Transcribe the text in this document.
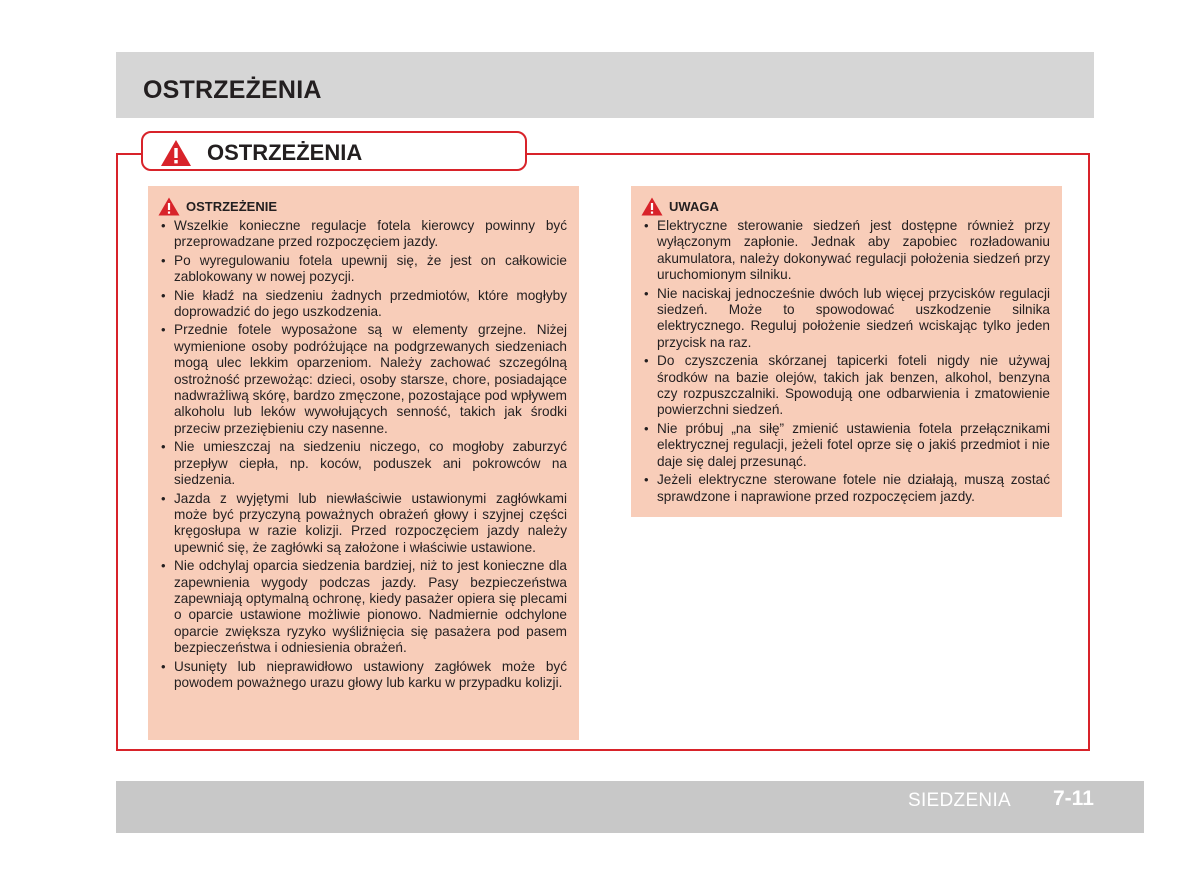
OSTRZEŻENIA
OSTRZEŻENIA
OSTRZEŻENIE
• Wszelkie konieczne regulacje fotela kierowcy powinny być przeprowadzane przed rozpoczęciem jazdy.
• Po wyregulowaniu fotela upewnij się, że jest on całkowicie zablokowany w nowej pozycji.
• Nie kładź na siedzeniu żadnych przedmiotów, które mogłyby doprowadzić do jego uszkodzenia.
• Przednie fotele wyposażone są w elementy grzejne. Niżej wymienione osoby podróżujące na podgrzewanych siedzeniach mogą ulec lekkim oparzeniom. Należy zachować szczególną ostrożność przewożąc: dzieci, osoby starsze, chore, posiadające nadwrażliwą skórę, bardzo zmęczone, pozostające pod wpływem alkoholu lub leków wywołujących senność, takich jak środki przeciw przeziębieniu czy nasenne.
• Nie umieszczaj na siedzeniu niczego, co mogłoby zaburzyć przepływ ciepła, np. koców, poduszek ani pokrowców na siedzenia.
• Jazda z wyjętymi lub niewłaściwie ustawionymi zagłówkami może być przyczyną poważnych obrażeń głowy i szyjnej części kręgosłupa w razie kolizji. Przed rozpoczęciem jazdy należy upewnić się, że zagłówki są założone i właściwie ustawione.
• Nie odchylaj oparcia siedzenia bardziej, niż to jest konieczne dla zapewnienia wygody podczas jazdy. Pasy bezpieczeństwa zapewniają optymalną ochronę, kiedy pasażer opiera się plecami o oparcie ustawione możliwie pionowo. Nadmiernie odchylone oparcie zwiększa ryzyko wyśliźnięcia się pasażera pod pasem bezpieczeństwa i odniesienia obrażeń.
• Usunięty lub nieprawidłowo ustawiony zagłówek może być powodem poważnego urazu głowy lub karku w przypadku kolizji.
UWAGA
• Elektryczne sterowanie siedzeń jest dostępne również przy wyłączonym zapłonie. Jednak aby zapobiec rozładowaniu akumulatora, należy dokonywać regulacji położenia siedzeń przy uruchomionym silniku.
• Nie naciskaj jednocześnie dwóch lub więcej przycisków regulacji siedzeń. Może to spowodować uszkodzenie silnika elektrycznego. Reguluj położenie siedzeń wciskając tylko jeden przycisk na raz.
• Do czyszczenia skórzanej tapicerki foteli nigdy nie używaj środków na bazie olejów, takich jak benzen, alkohol, benzyna czy rozpuszczalniki. Spowodują one odbarwienia i zmatowienie powierzchni siedzeń.
• Nie próbuj „na siłę” zmienić ustawienia fotela przełącznikami elektrycznej regulacji, jeżeli fotel oprze się o jakiś przedmiot i nie daje się dalej przesunąć.
• Jeżeli elektryczne sterowane fotele nie działają, muszą zostać sprawdzone i naprawione przed rozpoczęciem jazdy.
SIEDZENIA 7-11
